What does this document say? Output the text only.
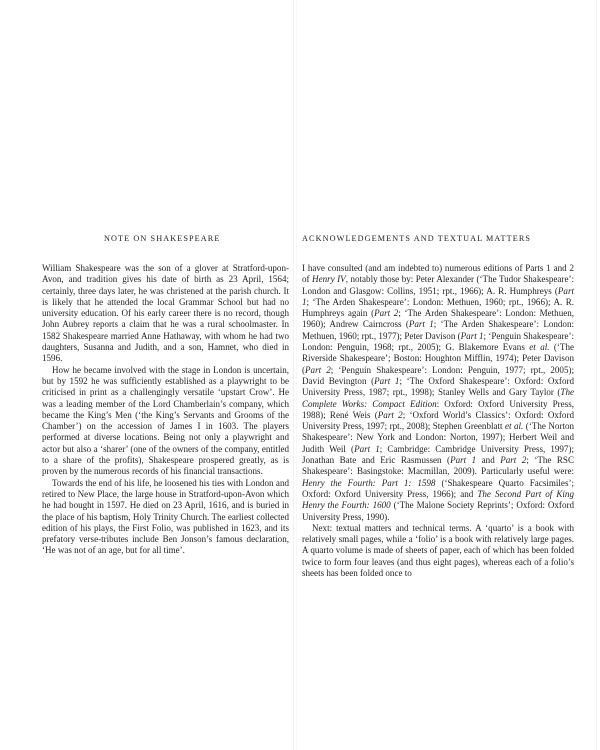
NOTE ON SHAKESPEARE

William Shakespeare was the son of a glover at Stratford-upon-Avon, and tradition gives his date of birth as 23 April, 1564; certainly, three days later, he was christened at the parish church. It is likely that he attended the local Grammar School but had no university education. Of his early career there is no record, though John Aubrey reports a claim that he was a rural schoolmaster. In 1582 Shakespeare married Anne Hathaway, with whom he had two daughters, Susanna and Judith, and a son, Hamnet, who died in 1596.

How he became involved with the stage in London is uncertain, but by 1592 he was sufficiently established as a playwright to be criticised in print as a challengingly versatile ‘upstart Crow’. He was a leading member of the Lord Chamberlain’s company, which became the King’s Men (‘the King’s Servants and Grooms of the Chamber’) on the accession of James I in 1603. The players performed at diverse locations. Being not only a playwright and actor but also a ‘sharer’ (one of the owners of the company, entitled to a share of the profits), Shakespeare prospered greatly, as is proven by the numerous records of his financial transactions.

Towards the end of his life, he loosened his ties with London and retired to New Place, the large house in Stratford-upon-Avon which he had bought in 1597. He died on 23 April, 1616, and is buried in the place of his baptism, Holy Trinity Church. The earliest collected edition of his plays, the First Folio, was published in 1623, and its prefatory verse-tributes include Ben Jonson’s famous declaration, ‘He was not of an age, but for all time’.

ACKNOWLEDGEMENTS AND TEXTUAL MATTERS

I have consulted (and am indebted to) numerous editions of Parts 1 and 2 of Henry IV, notably those by: Peter Alexander (‘The Tudor Shakespeare’: London and Glasgow: Collins, 1951; rpt., 1966); A. R. Humphreys (Part 1; ‘The Arden Shakespeare’: London: Methuen, 1960; rpt., 1966); A. R. Humphreys again (Part 2; ‘The Arden Shakespeare’: London: Methuen, 1960); Andrew Cairncross (Part 1; ‘The Arden Shakespeare’: London: Methuen, 1960; rpt., 1977); Peter Davison (Part 1; ‘Penguin Shakespeare’: London: Penguin, 1968; rpt., 2005); G. Blakemore Evans et al. (‘The Riverside Shakespeare’; Boston: Houghton Mifflin, 1974); Peter Davison (Part 2; ‘Penguin Shakespeare’: London: Penguin, 1977; rpt., 2005); David Bevington (Part 1; ‘The Oxford Shakespeare’: Oxford: Oxford University Press, 1987; rpt., 1998); Stanley Wells and Gary Taylor (The Complete Works: Compact Edition: Oxford: Oxford University Press, 1988); René Weis (Part 2; ‘Oxford World’s Classics’: Oxford: Oxford University Press, 1997; rpt., 2008); Stephen Greenblatt et al. (‘The Norton Shakespeare’: New York and London: Norton, 1997); Herbert Weil and Judith Weil (Part 1; Cambridge: Cambridge University Press, 1997); Jonathan Bate and Eric Rasmussen (Part 1 and Part 2; ‘The RSC Shakespeare’: Basingstoke: Macmillan, 2009). Particularly useful were: Henry the Fourth: Part 1: 1598 (‘Shakespeare Quarto Facsimiles’; Oxford: Oxford University Press, 1966); and The Second Part of King Henry the Fourth: 1600 (‘The Malone Society Reprints’; Oxford: Oxford University Press, 1990).

Next: textual matters and technical terms. A ‘quarto’ is a book with relatively small pages, while a ‘folio’ is a book with relatively large pages. A quarto volume is made of sheets of paper, each of which has been folded twice to form four leaves (and thus eight pages), whereas each of a folio’s sheets has been folded once to
